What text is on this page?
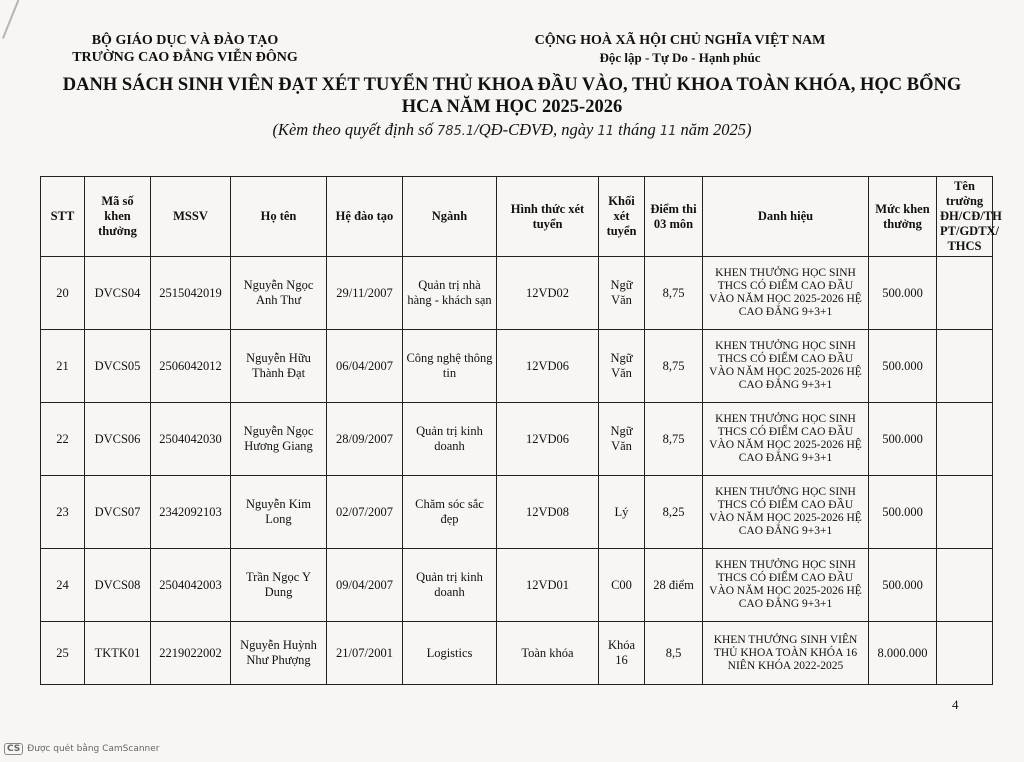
BỘ GIÁO DỤC VÀ ĐÀO TẠO
TRƯỜNG CAO ĐẲNG VIỄN ĐÔNG
CỘNG HOÀ XÃ HỘI CHỦ NGHĨA VIỆT NAM
Độc lập - Tự Do - Hạnh phúc
DANH SÁCH SINH VIÊN ĐẠT XÉT TUYỂN THỦ KHOA ĐẦU VÀO, THỦ KHOA TOÀN KHÓA, HỌC BỔNG
HCA NĂM HỌC 2025-2026
(Kèm theo quyết định số 785.1/QĐ-CĐVĐ, ngày 11 tháng 11 năm 2025)
STT	Mã số khen thưởng	MSSV	Họ tên	Hệ đào tạo	Ngành	Hình thức xét tuyển	Khối xét tuyển	Điểm thi 03 môn	Danh hiệu	Mức khen thưởng	Tên trường ĐH/CĐ/TH PT/GDTX/ THCS
20	DVCS04	2515042019	Nguyễn Ngọc Anh Thư	29/11/2007	Quản trị nhà hàng - khách sạn	12VD02	Ngữ Văn	8,75	KHEN THƯỞNG HỌC SINH THCS CÓ ĐIỂM CAO ĐẦU VÀO NĂM HỌC 2025-2026 HỆ CAO ĐẲNG 9+3+1	500.000	
21	DVCS05	2506042012	Nguyễn Hữu Thành Đạt	06/04/2007	Công nghệ thông tin	12VD06	Ngữ Văn	8,75	KHEN THƯỞNG HỌC SINH THCS CÓ ĐIỂM CAO ĐẦU VÀO NĂM HỌC 2025-2026 HỆ CAO ĐẲNG 9+3+1	500.000	
22	DVCS06	2504042030	Nguyễn Ngọc Hương Giang	28/09/2007	Quản trị kinh doanh	12VD06	Ngữ Văn	8,75	KHEN THƯỞNG HỌC SINH THCS CÓ ĐIỂM CAO ĐẦU VÀO NĂM HỌC 2025-2026 HỆ CAO ĐẲNG 9+3+1	500.000	
23	DVCS07	2342092103	Nguyễn Kim Long	02/07/2007	Chăm sóc sắc đẹp	12VD08	Lý	8,25	KHEN THƯỞNG HỌC SINH THCS CÓ ĐIỂM CAO ĐẦU VÀO NĂM HỌC 2025-2026 HỆ CAO ĐẲNG 9+3+1	500.000	
24	DVCS08	2504042003	Trần Ngọc Y Dung	09/04/2007	Quản trị kinh doanh	12VD01	C00	28 điểm	KHEN THƯỞNG HỌC SINH THCS CÓ ĐIỂM CAO ĐẦU VÀO NĂM HỌC 2025-2026 HỆ CAO ĐẲNG 9+3+1	500.000	
25	TKTK01	2219022002	Nguyễn Huỳnh Như Phượng	21/07/2001	Logistics	Toàn khóa	Khóa 16	8,5	KHEN THƯỞNG SINH VIÊN THỦ KHOA TOÀN KHÓA 16 NIÊN KHÓA 2022-2025	8.000.000	
4
CS Được quét bằng CamScanner
